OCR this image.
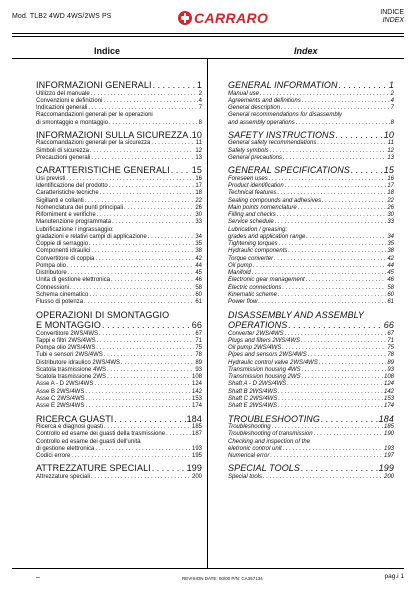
Mod. TLB2 4WD 4WS/2WS PS	CARRARO	INDICE
INDEX
Indice	Index
INFORMAZIONI GENERALI . . .	1
Utilizzo del manuale . . .	2
Convenzioni e definizioni . . .	4
Indicazioni generali . . .	7
Raccomandazioni generali per le operazioni
di smontaggio e montaggio . . .	8
INFORMAZIONI SULLA SICUREZZA . . . 10
Raccomandazioni generali per la sicurezza . . .	11
Simboli di sicurezza . . .	12
Precauzioni generali . . .	13
CARATTERISTICHE GENERALI . . . 15
Usi previsti . . .	16
Identificazione del prodotto . . .	17
Caratteristiche tecniche . . .	18
Sigillanti e collanti . . .	22
Nomenclatura dei punti principali . . .	26
Riforniment e verifiche . . .	30
Manutenzione programmata . . .	33
Lubrificazione / ingrassaggio:
gradazioni e relativi campi di applicazione . . .	34
Coppie di serraggio . . .	35
Componenti idraulici . . .	38
Convertitore di coppia . . .	42
Pompa olio . . .	44
Distributore . . .	45
Unità di gestione elettronica . . .	46
Connessioni . . .	58
Schema cinematico . . .	60
Flusso di potenza . . .	61
OPERAZIONI DI SMONTAGGIO
E MONTAGGIO . . .	66
Convertitore 2WS/4WS . . .	67
Tappi e filtri 2WS/4WS . . .	71
Pompa olio 2WS/4WS . . .	75
Tubi e sensori 2WS/4WS . . .	78
Distributore idraulico 2WS/4WS . . .	89
Scatola trasmissione 4WS . . .	93
Scatola trasmissione 2WS . . .	108
Asse A - D 2WS/4WS . . .	124
Asse B 2WS/4WS . . .	142
Asse C 2WS/4WS . . .	153
Asse E 2WS/4WS . . .	174
RICERCA GUASTI . . .	184
Ricerca e diagnosi guasti . . .	185
Controllo ed esame dei guasti della trasmissione . . .	187
Controllo ed esame dei guasti dell'unità
di gestione elettronica . . .	193
Codici errore . . .	195
ATTREZZATURE SPECIALI . . .	199
Attrezzature speciali . . .	200
GENERAL INFORMATION . . .	1
Manual use . . .	2
Agreements and definitions . . .	4
General description . . .	7
General recommendations for disassembly
and assembly operations . . .	8
SAFETY INSTRUCTIONS . . .	10
General safety recommendations . . .	11
Safety symbols . . .	12
General precautions . . .	13
GENERAL SPECIFICATIONS . . .	15
Foreseen uses . . .	16
Product identification . . .	17
Technical features . . .	18
Sealing compounds and adhesives . . .	22
Main points nomenclature . . .	26
Filling and checks . . .	30
Service schedule . . .	33
Lubrication / greasing:
grades and application range . . .	34
Tightening torques . . .	35
Hydraulic components . . .	38
Torque converter . . .	42
Oil pump . . .	44
Manifold . . .	45
Electronic gear management . . .	46
Electric connections . . .	58
Kinematic scheme . . .	60
Power flow . . .	61
DISASSEMBLY AND ASSEMBLY
OPERATIONS . . .	66
Converter 2WS/4WS . . .	67
Plugs and filters 2WS/4WS . . .	71
Oil pump 2WS/4WS . . .	75
Pipes and sensors 2WS/4WS . . .	78
Hydraulic control valve 2WS/4WS . . .	89
Transmission housing 4WS . . .	93
Transmission housing 2WS . . .	108
Shaft A - D 2WS/4WS . . .	124
Shaft B 2WS/4WS . . .	142
Shaft C 2WS/4WS . . .	153
Shaft E 2WS/4WS . . .	174
TROUBLESHOOTING . . .	184
Troubleshooting . . .	185
Troubleshooting of transmission . . .	190
Checking and inspection of the
eletronic control unit . . .	193
Numerical error . . .	197
SPECIAL TOOLS . . .	199
Special tools . . .	200
–	REVISION DATE: 00/00 P/N: CA357134	pag.i 1
